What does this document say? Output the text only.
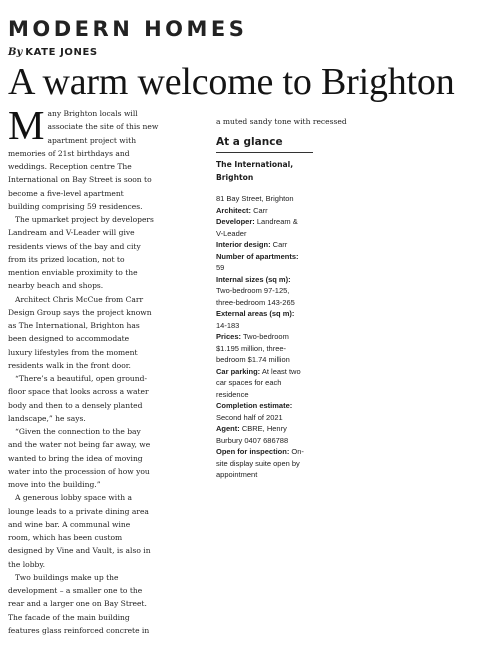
MODERN HOMES
By KATE JONES
A warm welcome to Brighton
M any Brighton locals will
associate the site of this new
apartment project with
memories of 21st birthdays and
weddings. Reception centre The
International on Bay Street is soon to
become a five-level apartment
building comprising 59 residences.

The upmarket project by developers
Landream and V-Leader will give
residents views of the bay and city
from its prized location, not to
mention enviable proximity to the
nearby beach and shops.

Architect Chris McCue from Carr
Design Group says the project known
as The International, Brighton has
been designed to accommodate
luxury lifestyles from the moment
residents walk in the front door.

“There’s a beautiful, open ground-
floor space that looks across a water
body and then to a densely planted
landscape,” he says.

“Given the connection to the bay
and the water not being far away, we
wanted to bring the idea of moving
water into the procession of how you
move into the building.”

A generous lobby space with a
lounge leads to a private dining area
and wine bar. A communal wine
room, which has been custom
designed by Vine and Vault, is also in
the lobby.

Two buildings make up the
development – a smaller one to the
rear and a larger one on Bay Street.
The facade of the main building
features glass reinforced concrete in

a muted sandy tone with recessed
At a glance
The International,
Brighton
81 Bay Street, Brighton
Architect: Carr
Developer: Landream &
V-Leader
Interior design: Carr
Number of apartments:
59
Internal sizes (sq m):
Two-bedroom 97-125,
three-bedroom 143-265
External areas (sq m):
14-183
Prices: Two-bedroom
$1.195 million, three-
bedroom $1.74 million
Car parking: At least two
car spaces for each
residence
Completion estimate:
Second half of 2021
Agent: CBRE, Henry
Burbury 0407 686788
Open for inspection: On-
site display suite open by
appointment
